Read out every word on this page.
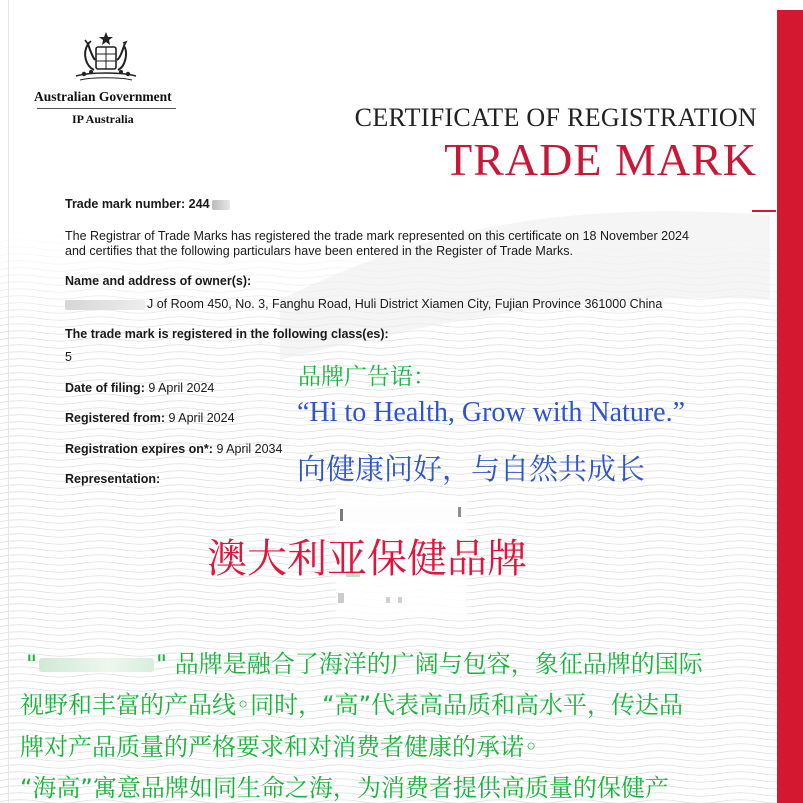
Australian Government
IP Australia	CERTIFICATE OF REGISTRATION
TRADE MARK
Trade mark number: 244
The Registrar of Trade Marks has registered the trade mark represented on this certificate on 18 November 2024
and certifies that the following particulars have been entered in the Register of Trade Marks.
Name and address of owner(s):
J of Room 450, No. 3, Fanghu Road, Huli District Xiamen City, Fujian Province 361000 China
The trade mark is registered in the following class(es):
5
Date of filing: 9 April 2024
Registered from: 9 April 2024
Registration expires on*: 9 April 2034
Representation:
品牌广告语：
“Hi to Health, Grow with Nature.”
向健康问好，与自然共成长
澳大利亚保健品牌
"	" 品牌是融合了海洋的广阔与包容，象征品牌的国际
视野和丰富的产品线◦同时，“高”代表高品质和高水平，传达品
牌对产品质量的严格要求和对消费者健康的承诺◦
“海高”寓意品牌如同生命之海，为消费者提供高质量的保健产
